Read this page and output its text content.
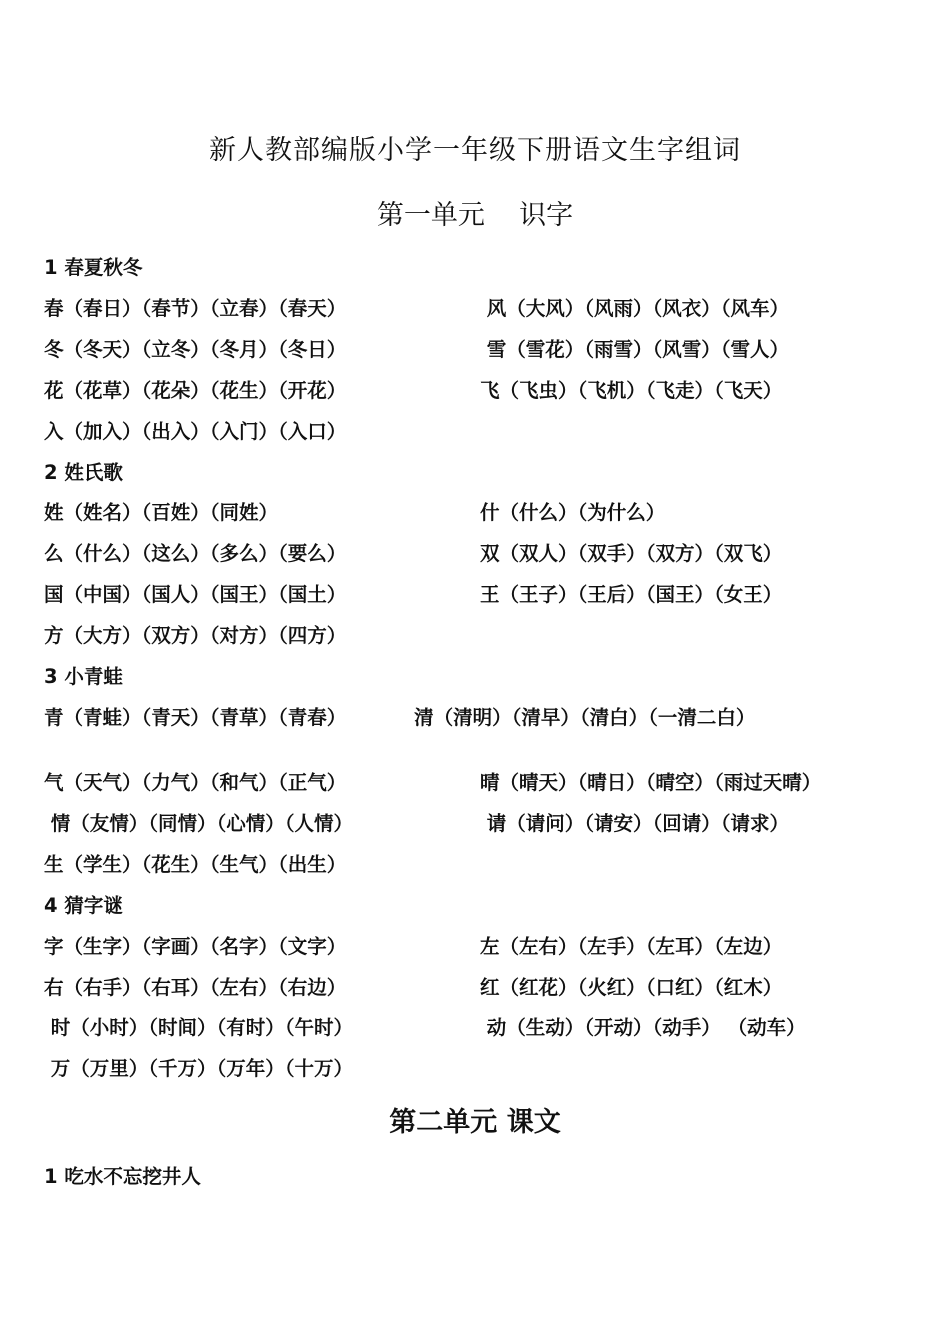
新人教部编版小学一年级下册语文生字组词
第一单元    识字
1 春夏秋冬
春（春日）（春节）（立春）（春天）	风（大风）（风雨）（风衣）（风车）
冬（冬天）（立冬）（冬月）（冬日）	雪（雪花）（雨雪）（风雪）（雪人）
花（花草）（花朵）（花生）（开花）	飞（飞虫）（飞机）（飞走）（飞天）
入（加入）（出入）（入门）（入口）
2 姓氏歌
姓（姓名）（百姓）（同姓）	什（什么）（为什么）
么（什么）（这么）（多么）（要么）	双（双人）（双手）（双方）（双飞）
国（中国）（国人）（国王）（国土）	王（王子）（王后）（国王）（女王）
方（大方）（双方）（对方）（四方）
3 小青蛙
青（青蛙）（青天）（青草）（青春）          清（清明）（清早）（清白）（一清二白）
气（天气）（力气）（和气）（正气）	晴（晴天）（晴日）（晴空）（雨过天晴）
情（友情）（同情）（心情）（人情）	请（请问）（请安）（回请）（请求）
生（学生）（花生）（生气）（出生）
4 猜字谜
字（生字）（字画）（名字）（文字）	左（左右）（左手）（左耳）（左边）
右（右手）（右耳）（左右）（右边）	红（红花）（火红）（口红）（红木）
时（小时）（时间）（有时）（午时）	动（生动）（开动）（动手） （动车）
万（万里）（千万）（万年）（十万）
第二单元 课文
1 吃水不忘挖井人
